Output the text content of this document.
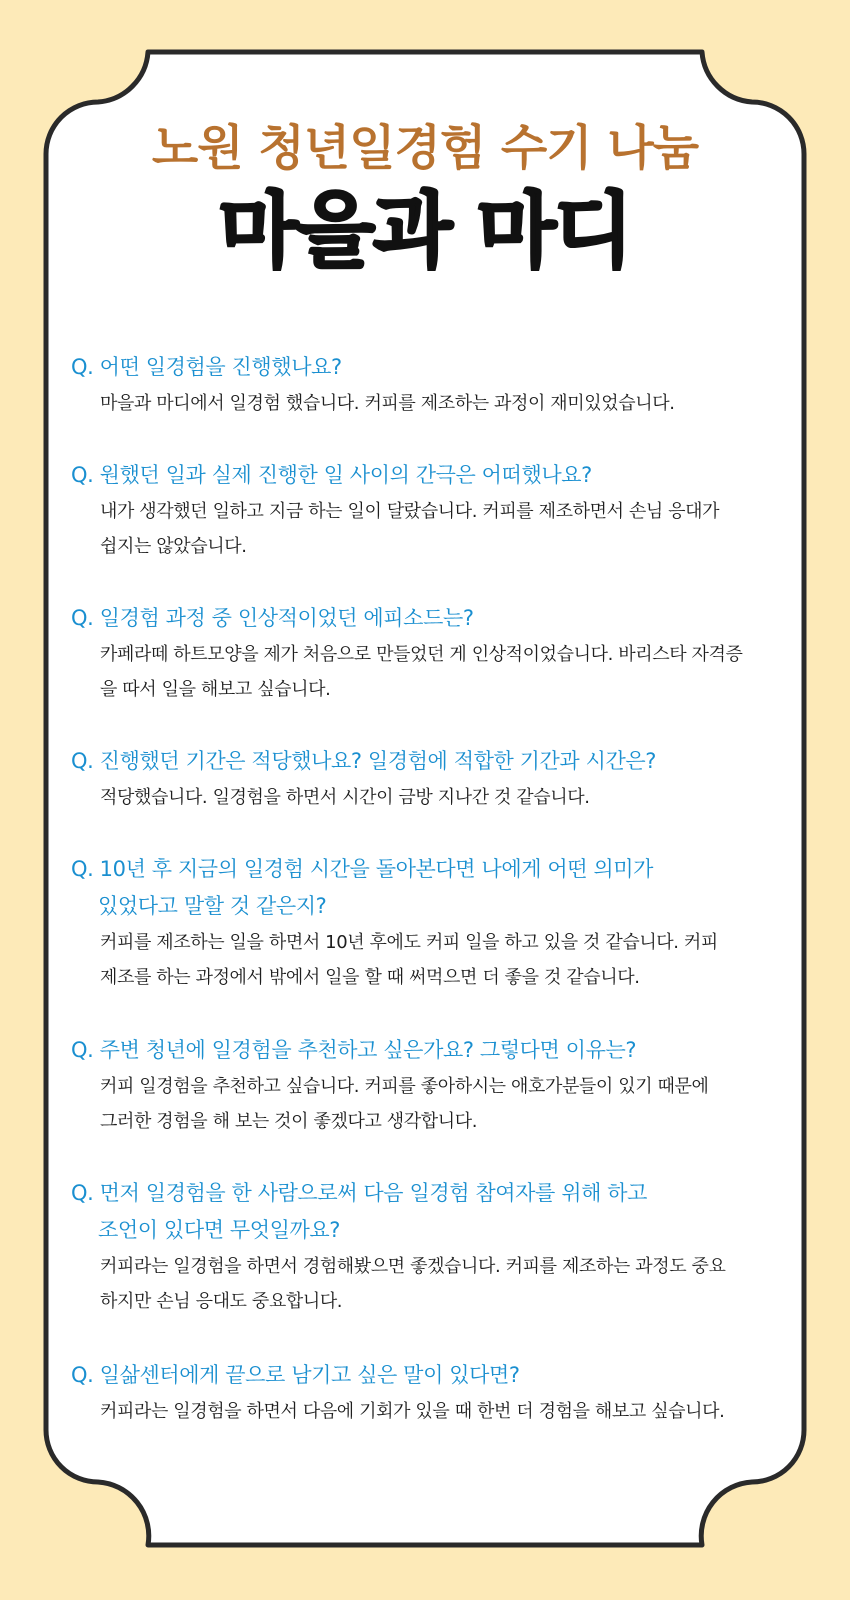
노원 청년일경험 수기 나눔
마을과 마디
Q. 어떤 일경험을 진행했나요?
마을과 마디에서 일경험 했습니다. 커피를 제조하는 과정이 재미있었습니다.
Q. 원했던 일과 실제 진행한 일 사이의 간극은 어떠했나요?
내가 생각했던 일하고 지금 하는 일이 달랐습니다. 커피를 제조하면서 손님 응대가
쉽지는 않았습니다.
Q. 일경험 과정 중 인상적이었던 에피소드는?
카페라떼 하트모양을 제가 처음으로 만들었던 게 인상적이었습니다. 바리스타 자격증
을 따서 일을 해보고 싶습니다.
Q. 진행했던 기간은 적당했나요? 일경험에 적합한 기간과 시간은?
적당했습니다. 일경험을 하면서 시간이 금방 지나간 것 같습니다.
Q. 10년 후 지금의 일경험 시간을 돌아본다면 나에게 어떤 의미가
있었다고 말할 것 같은지?
커피를 제조하는 일을 하면서 10년 후에도 커피 일을 하고 있을 것 같습니다. 커피
제조를 하는 과정에서 밖에서 일을 할 때 써먹으면 더 좋을 것 같습니다.
Q. 주변 청년에 일경험을 추천하고 싶은가요? 그렇다면 이유는?
커피 일경험을 추천하고 싶습니다. 커피를 좋아하시는 애호가분들이 있기 때문에
그러한 경험을 해 보는 것이 좋겠다고 생각합니다.
Q. 먼저 일경험을 한 사람으로써 다음 일경험 참여자를 위해 하고
조언이 있다면 무엇일까요?
커피라는 일경험을 하면서 경험해봤으면 좋겠습니다. 커피를 제조하는 과정도 중요
하지만 손님 응대도 중요합니다.
Q. 일삶센터에게 끝으로 남기고 싶은 말이 있다면?
커피라는 일경험을 하면서 다음에 기회가 있을 때 한번 더 경험을 해보고 싶습니다.
